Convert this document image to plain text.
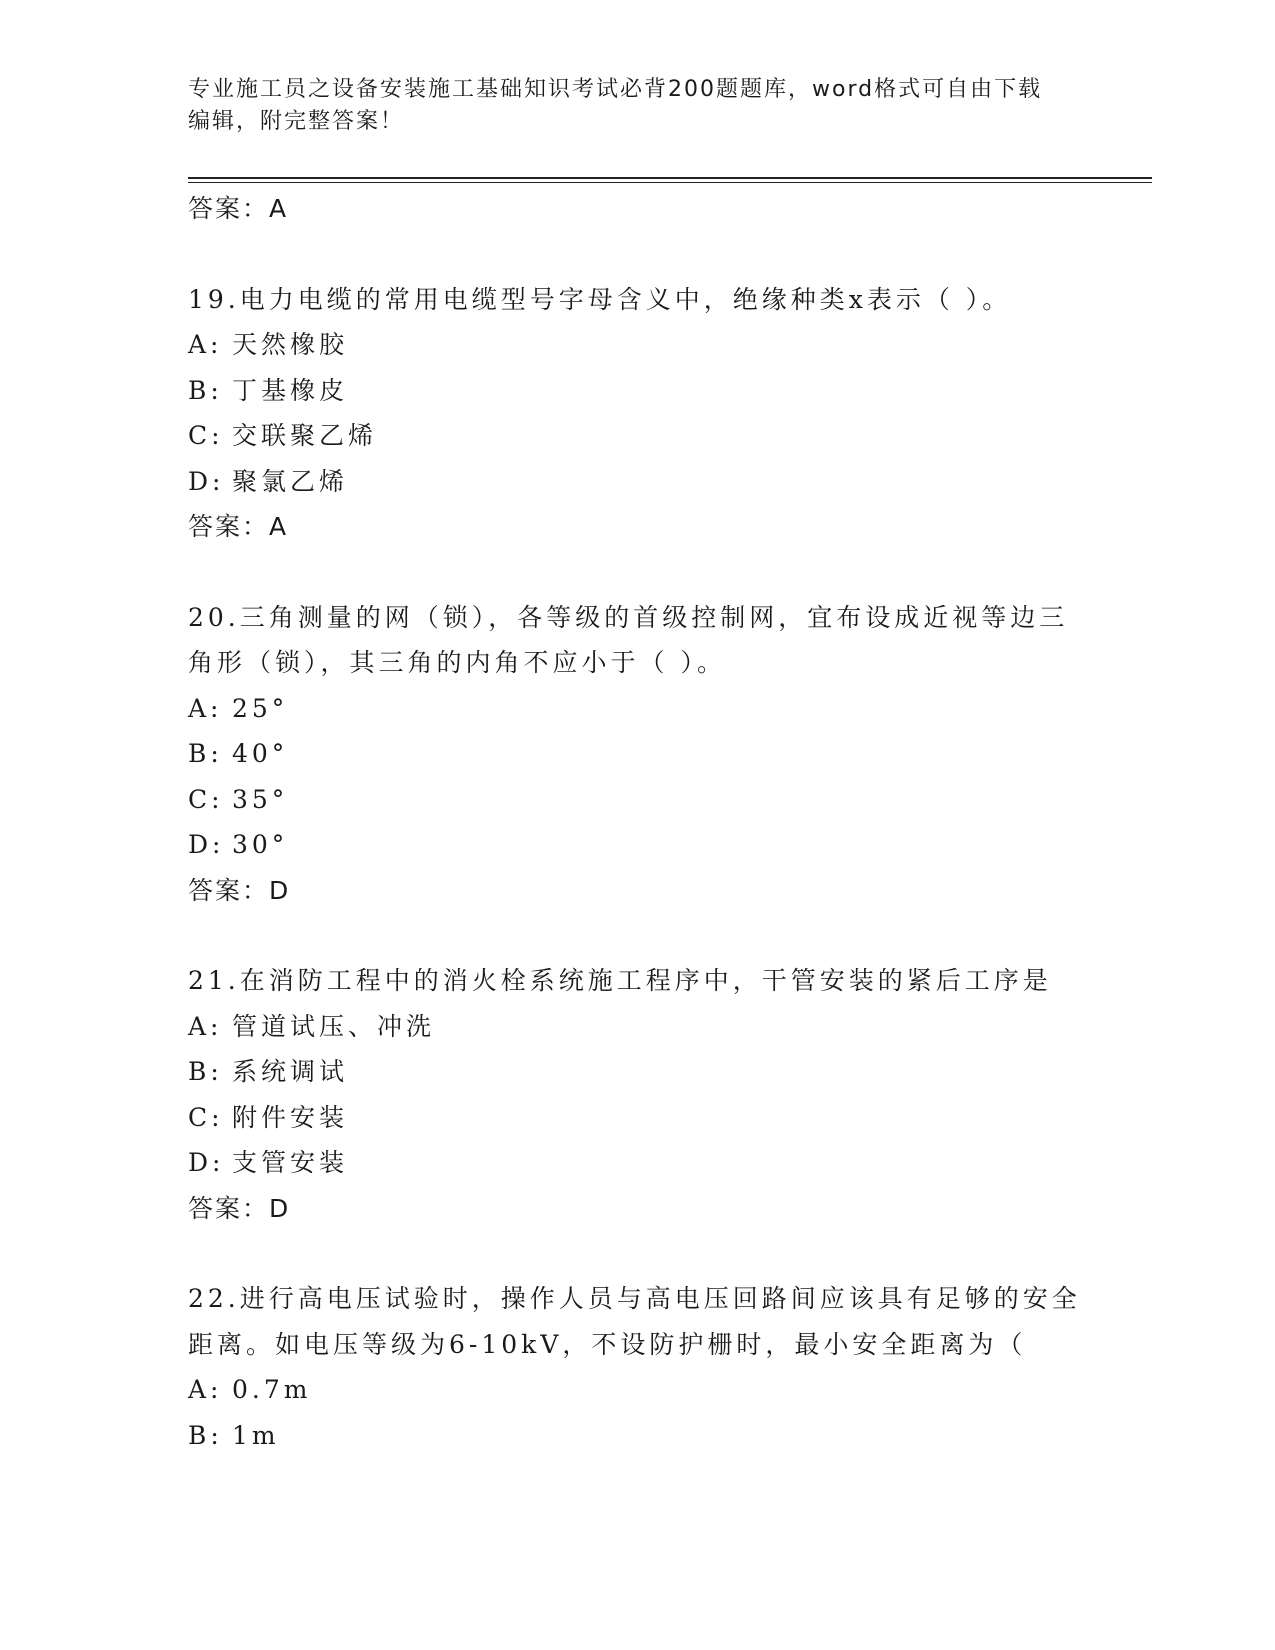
专业施工员之设备安装施工基础知识考试必背200题题库，word格式可自由下载
编辑，附完整答案！
答案：A
19.电力电缆的常用电缆型号字母含义中，绝缘种类x表示（ ）。
A: 天然橡胶
B: 丁基橡皮
C: 交联聚乙烯
D: 聚氯乙烯
答案：A
20.三角测量的网（锁），各等级的首级控制网，宜布设成近视等边三
角形（锁），其三角的内角不应小于（ ）。
A: 25°
B: 40°
C: 35°
D: 30°
答案：D
21.在消防工程中的消火栓系统施工程序中，干管安装的紧后工序是
A: 管道试压、冲洗
B: 系统调试
C: 附件安装
D: 支管安装
答案：D
22.进行高电压试验时，操作人员与高电压回路间应该具有足够的安全
距离。如电压等级为6-10kV，不设防护栅时，最小安全距离为（
A: 0.7m
B: 1m
